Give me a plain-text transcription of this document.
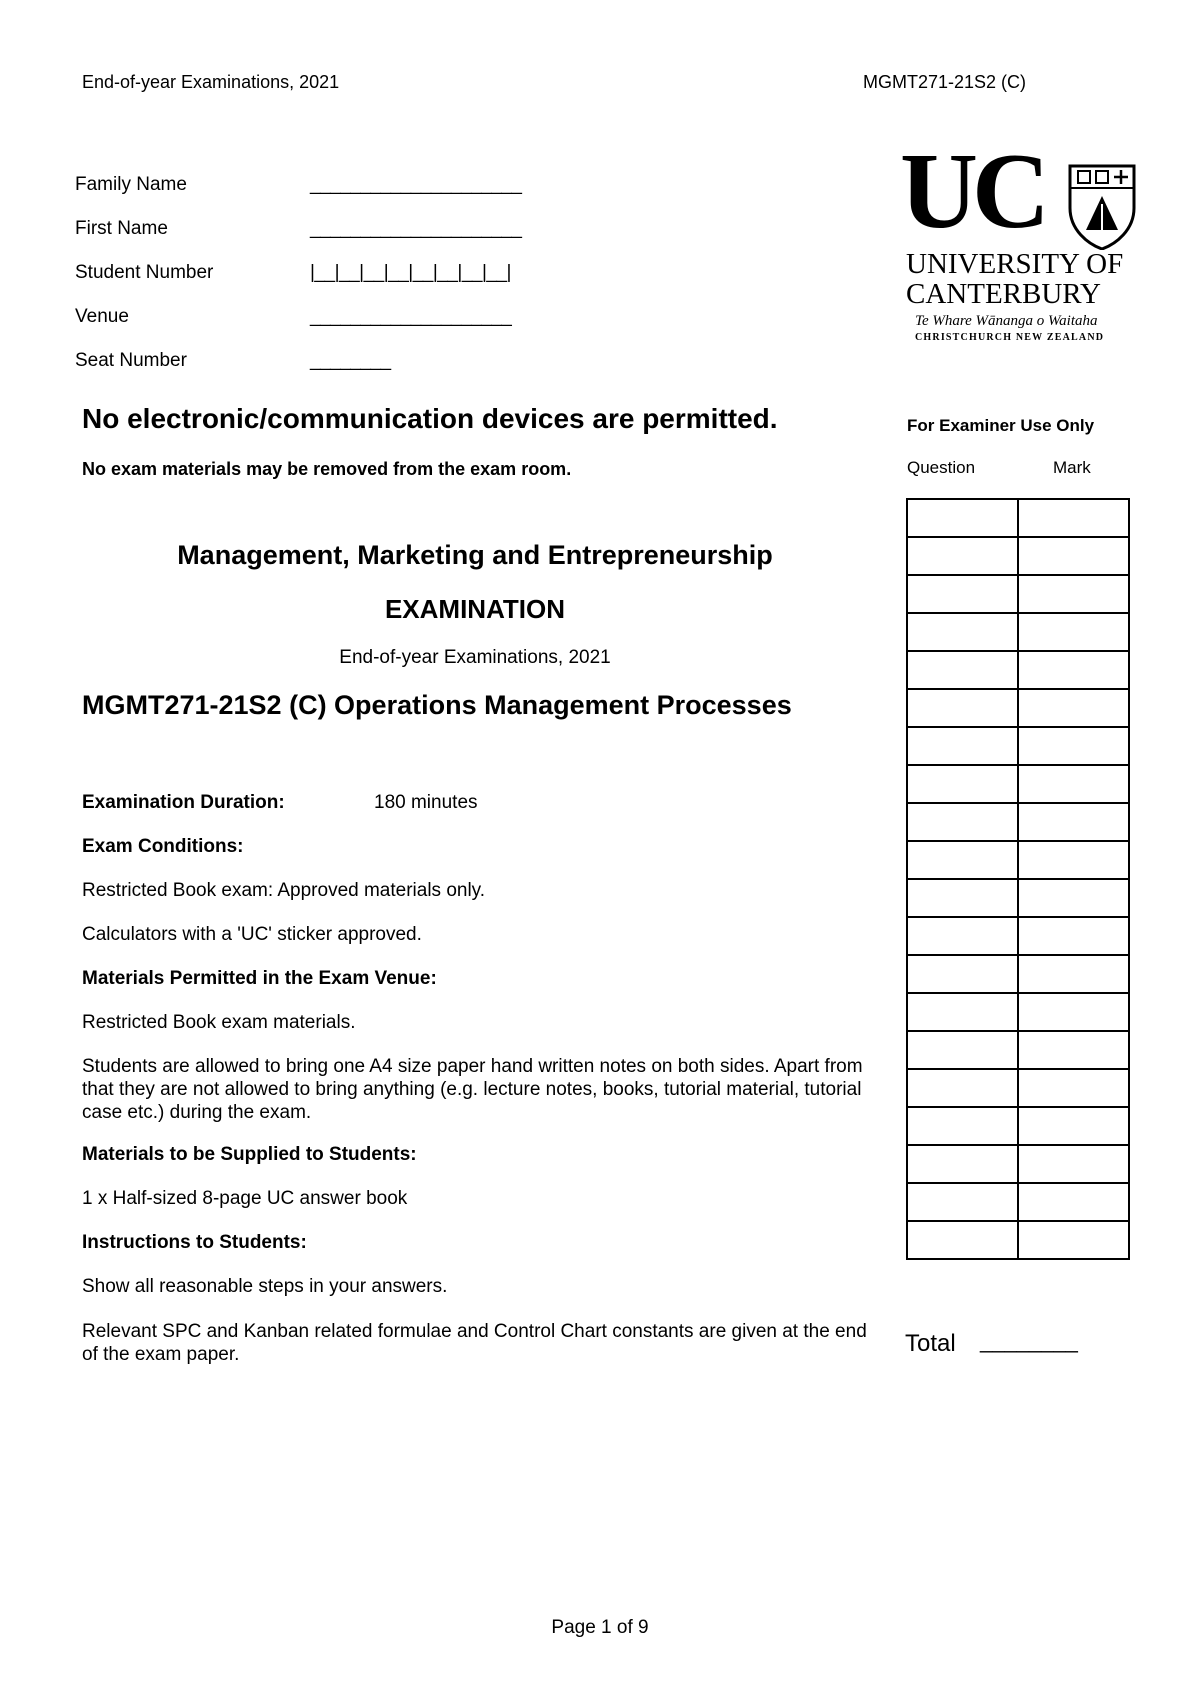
End-of-year Examinations, 2021	MGMT271-21S2 (C)
Family Name	_____________________
First Name	_____________________
Student Number	|__|__|__|__|__|__|__|__|
Venue	____________________
Seat Number	________
UC
UNIVERSITY OF
CANTERBURY
Te Whare Wānanga o Waitaha
CHRISTCHURCH NEW ZEALAND
No electronic/communication devices are permitted.
No exam materials may be removed from the exam room.
Management, Marketing and Entrepreneurship
EXAMINATION
End-of-year Examinations, 2021
MGMT271-21S2 (C) Operations Management Processes
Examination Duration:	180 minutes
Exam Conditions:
Restricted Book exam: Approved materials only.
Calculators with a 'UC' sticker approved.
Materials Permitted in the Exam Venue:
Restricted Book exam materials.
Students are allowed to bring one A4 size paper hand written notes on both sides. Apart from that they are not allowed to bring anything (e.g. lecture notes, books, tutorial material, tutorial case etc.) during the exam.
Materials to be Supplied to Students:
1 x Half-sized 8-page UC answer book
Instructions to Students:
Show all reasonable steps in your answers.
Relevant SPC and Kanban related formulae and Control Chart constants are given at the end of the exam paper.
For Examiner Use Only
Question	Mark

Total ________
Page 1 of 9
